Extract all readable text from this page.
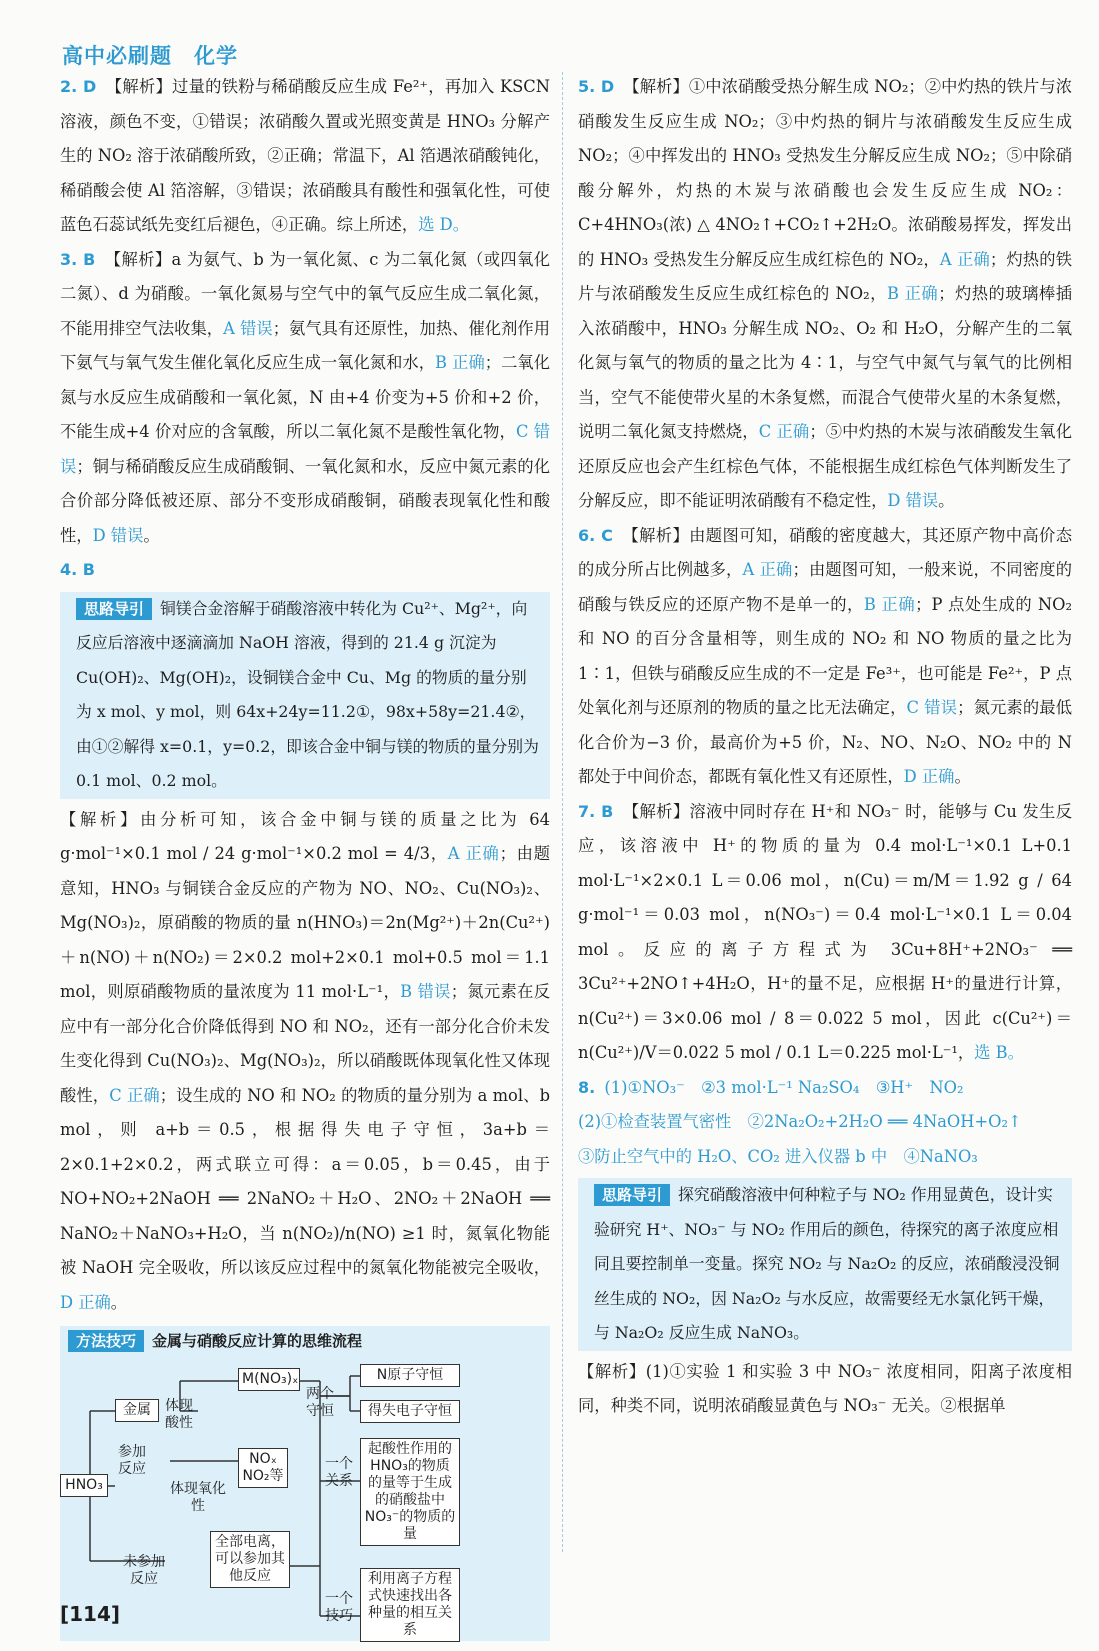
高中必刷题　化学

2. D 【解析】过量的铁粉与稀硝酸反应生成 Fe²⁺，再加入 KSCN 溶液，颜色不变，①错误；浓硝酸久置或光照变黄是 HNO₃ 分解产生的 NO₂ 溶于浓硝酸所致，②正确；常温下，Al 箔遇浓硝酸钝化，稀硝酸会使 Al 箔溶解，③错误；浓硝酸具有酸性和强氧化性，可使蓝色石蕊试纸先变红后褪色，④正确。综上所述，选 D。

3. B 【解析】a 为氨气、b 为一氧化氮、c 为二氧化氮（或四氧化二氮）、d 为硝酸。一氧化氮易与空气中的氧气反应生成二氧化氮，不能用排空气法收集，A 错误；氨气具有还原性，加热、催化剂作用下氨气与氧气发生催化氧化反应生成一氧化氮和水，B 正确；二氧化氮与水反应生成硝酸和一氧化氮，N 由+4 价变为+5 价和+2 价，不能生成+4 价对应的含氧酸，所以二氧化氮不是酸性氧化物，C 错误；铜与稀硝酸反应生成硝酸铜、一氧化氮和水，反应中氮元素的化合价部分降低被还原、部分不变形成硝酸铜，硝酸表现氧化性和酸性，D 错误。

4. B

思路导引 铜镁合金溶解于硝酸溶液中转化为 Cu²⁺、Mg²⁺，向反应后溶液中逐滴滴加 NaOH 溶液，得到的 21.4 g 沉淀为 Cu(OH)₂、Mg(OH)₂，设铜镁合金中 Cu、Mg 的物质的量分别为 x mol、y mol，则 64x+24y=11.2①，98x+58y=21.4②，由①②解得 x=0.1，y=0.2，即该合金中铜与镁的物质的量分别为 0.1 mol、0.2 mol。

【解析】由分析可知，该合金中铜与镁的质量之比为 64 g·mol⁻¹×0.1 mol / 24 g·mol⁻¹×0.2 mol = 4/3，A 正确；由题意知，HNO₃ 与铜镁合金反应的产物为 NO、NO₂、Cu(NO₃)₂、Mg(NO₃)₂，原硝酸的物质的量 n(HNO₃)＝2n(Mg²⁺)＋2n(Cu²⁺)＋n(NO)＋n(NO₂)＝2×0.2 mol+2×0.1 mol+0.5 mol＝1.1 mol，则原硝酸物质的量浓度为 11 mol·L⁻¹，B 错误；氮元素在反应中有一部分化合价降低得到 NO 和 NO₂，还有一部分化合价未发生变化得到 Cu(NO₃)₂、Mg(NO₃)₂，所以硝酸既体现氧化性又体现酸性，C 正确；设生成的 NO 和 NO₂ 的物质的量分别为 a mol、b mol，则 a+b＝0.5，根据得失电子守恒，3a+b＝2×0.1+2×0.2，两式联立可得：a＝0.05，b＝0.45，由于 NO+NO₂+2NaOH ══ 2NaNO₂＋H₂O、2NO₂＋2NaOH ══ NaNO₂＋NaNO₃+H₂O，当 n(NO₂)/n(NO) ≥1 时，氮氧化物能被 NaOH 完全吸收，所以该反应过程中的氮氧化物能被完全吸收，D 正确。

方法技巧 金属与硝酸反应计算的思维流程
金属
HNO₃
体现酸性
参加反应
体现氧化性
未参加反应
M(NO₃)ₓ
NOₓ NO₂等
全部电离，可以参加其他反应
两个守恒
一个关系
一个技巧
N原子守恒
得失电子守恒
起酸性作用的 HNO₃的物质的量等于生成的硝酸盐中NO₃⁻的物质的量
利用离子方程式快速找出各种量的相互关系

5. D 【解析】①中浓硝酸受热分解生成 NO₂；②中灼热的铁片与浓硝酸发生反应生成 NO₂；③中灼热的铜片与浓硝酸发生反应生成 NO₂；④中挥发出的 HNO₃ 受热发生分解反应生成 NO₂；⑤中除硝酸分解外，灼热的木炭与浓硝酸也会发生反应生成 NO₂：C+4HNO₃(浓) △ 4NO₂↑+CO₂↑+2H₂O。浓硝酸易挥发，挥发出的 HNO₃ 受热发生分解反应生成红棕色的 NO₂，A 正确；灼热的铁片与浓硝酸发生反应生成红棕色的 NO₂，B 正确；灼热的玻璃棒插入浓硝酸中，HNO₃ 分解生成 NO₂、O₂ 和 H₂O，分解产生的二氧化氮与氧气的物质的量之比为 4∶1，与空气中氮气与氧气的比例相当，空气不能使带火星的木条复燃，而混合气使带火星的木条复燃，说明二氧化氮支持燃烧，C 正确；⑤中灼热的木炭与浓硝酸发生氧化还原反应也会产生红棕色气体，不能根据生成红棕色气体判断发生了分解反应，即不能证明浓硝酸有不稳定性，D 错误。

6. C 【解析】由题图可知，硝酸的密度越大，其还原产物中高价态的成分所占比例越多，A 正确；由题图可知，一般来说，不同密度的硝酸与铁反应的还原产物不是单一的，B 正确；P 点处生成的 NO₂ 和 NO 的百分含量相等，则生成的 NO₂ 和 NO 物质的量之比为 1∶1，但铁与硝酸反应生成的不一定是 Fe³⁺，也可能是 Fe²⁺，P 点处氧化剂与还原剂的物质的量之比无法确定，C 错误；氮元素的最低化合价为−3 价，最高价为+5 价，N₂、NO、N₂O、NO₂ 中的 N 都处于中间价态，都既有氧化性又有还原性，D 正确。

7. B 【解析】溶液中同时存在 H⁺和 NO₃⁻ 时，能够与 Cu 发生反应，该溶液中 H⁺的物质的量为 0.4 mol·L⁻¹×0.1 L+0.1 mol·L⁻¹×2×0.1 L＝0.06 mol，n(Cu)＝m/M＝1.92 g / 64 g·mol⁻¹＝0.03 mol，n(NO₃⁻)＝0.4 mol·L⁻¹×0.1 L＝0.04 mol。反应的离子方程式为 3Cu+8H⁺+2NO₃⁻ ══ 3Cu²⁺+2NO↑+4H₂O，H⁺的量不足，应根据 H⁺的量进行计算，n(Cu²⁺)＝3×0.06 mol / 8＝0.022 5 mol，因此 c(Cu²⁺)＝n(Cu²⁺)/V＝0.022 5 mol / 0.1 L＝0.225 mol·L⁻¹，选 B。

8. (1)①NO₃⁻　②3 mol·L⁻¹ Na₂SO₄　③H⁺　NO₂

(2)①检查装置气密性　②2Na₂O₂+2H₂O ══ 4NaOH+O₂↑

③防止空气中的 H₂O、CO₂ 进入仪器 b 中　④NaNO₃

思路导引 探究硝酸溶液中何种粒子与 NO₂ 作用显黄色，设计实验研究 H⁺、NO₃⁻ 与 NO₂ 作用后的颜色，待探究的离子浓度应相同且要控制单一变量。探究 NO₂ 与 Na₂O₂ 的反应，浓硝酸浸没铜丝生成的 NO₂，因 Na₂O₂ 与水反应，故需要经无水氯化钙干燥，与 Na₂O₂ 反应生成 NaNO₃。

【解析】(1)①实验 1 和实验 3 中 NO₃⁻ 浓度相同，阳离子浓度相同，种类不同，说明浓硝酸显黄色与 NO₃⁻ 无关。②根据单

[114]
